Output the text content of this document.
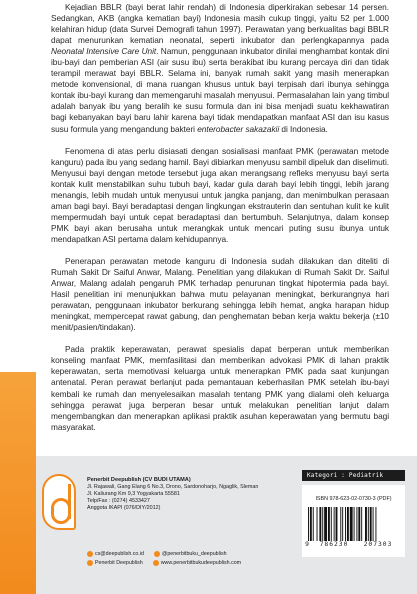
Kejadian BBLR (bayi berat lahir rendah) di Indonesia diperkirakan sebesar 14 persen. Sedangkan, AKB (angka kematian bayi) Indonesia masih cukup tinggi, yaitu 52 per 1.000 kelahiran hidup (data Survei Demografi tahun 1997). Perawatan yang berkualitas bagi BBLR dapat menurunkan kematian neonatal, seperti inkubator dan perlengkapannya pada Neonatal Intensive Care Unit. Namun, penggunaan inkubator dinilai menghambat kontak dini ibu-bayi dan pemberian ASI (air susu ibu) serta berakibat ibu kurang percaya diri dan tidak terampil merawat bayi BBLR. Selama ini, banyak rumah sakit yang masih menerapkan metode konvensional, di mana ruangan khusus untuk bayi terpisah dari ibunya sehingga kontak ibu-bayi kurang dan memengaruhi masalah menyusui. Permasalahan lain yang timbul adalah banyak ibu yang beralih ke susu formula dan ini bisa menjadi suatu kekhawatiran bagi kebanyakan bayi baru lahir karena bayi tidak mendapatkan manfaat ASI dan isu kasus susu formula yang mengandung bakteri enterobacter sakazakii di Indonesia.

Fenomena di atas perlu disiasati dengan sosialisasi manfaat PMK (perawatan metode kanguru) pada ibu yang sedang hamil. Bayi dibiarkan menyusu sambil dipeluk dan diselimuti. Menyusui bayi dengan metode tersebut juga akan merangsang refleks menyusu bayi serta kontak kulit menstabilkan suhu tubuh bayi, kadar gula darah bayi lebih tinggi, lebih jarang menangis, lebih mudah untuk menyusui untuk jangka panjang, dan menimbulkan perasaan aman bagi bayi. Bayi beradaptasi dengan lingkungan ekstrauterin dan sentuhan kulit ke kulit mempermudah bayi untuk cepat beradaptasi dan bertumbuh. Selanjutnya, dalam konsep PMK bayi akan berusaha untuk merangkak untuk mencari puting susu ibunya untuk mendapatkan ASI pertama dalam kehidupannya.

Penerapan perawatan metode kanguru di Indonesia sudah dilakukan dan diteliti di Rumah Sakit Dr Saiful Anwar, Malang. Penelitian yang dilakukan di Rumah Sakit Dr. Saiful Anwar, Malang adalah pengaruh PMK terhadap penurunan tingkat hipotermia pada bayi. Hasil penelitian ini menunjukkan bahwa mutu pelayanan meningkat, berkurangnya hari perawatan, penggunaan inkubator berkurang sehingga lebih hemat, angka harapan hidup meningkat, mempercepat rawat gabung, dan penghematan beban kerja waktu bekerja (±10 menit/pasien/tindakan).

Pada praktik keperawatan, perawat spesialis dapat berperan untuk memberikan konseling manfaat PMK, memfasilitasi dan memberikan advokasi PMK di lahan praktik keperawatan, serta memotivasi keluarga untuk menerapkan PMK pada saat kunjungan antenatal. Peran perawat berlanjut pada pemantauan keberhasilan PMK setelah ibu-bayi kembali ke rumah dan menyelesaikan masalah tentang PMK yang dialami oleh keluarga sehingga perawat juga berperan besar untuk melakukan penelitian lanjut dalam mengembangkan dan menerapkan aplikasi praktik asuhan keperawatan yang bermutu bagi masyarakat.

Penerbit Deepublish (CV BUDI UTAMA)
Jl. Rajawali, Gang Elang 6 No.3, Drono, Sardonoharjo, Ngaglik, Sleman
Jl. Kaliurang Km 9,3 Yogyakarta 55581
Telp/Fax : (0274) 4533427
Anggota IKAPI (076/DIY/2012)
cs@deepublish.co.id	@penerbitbuku_deepublish
Penerbit Deepublish	www.penerbitbukudeepublish.com
Kategori : Pediatrik
ISBN 978-623-02-0730-3 (PDF)
9	786230	207303
